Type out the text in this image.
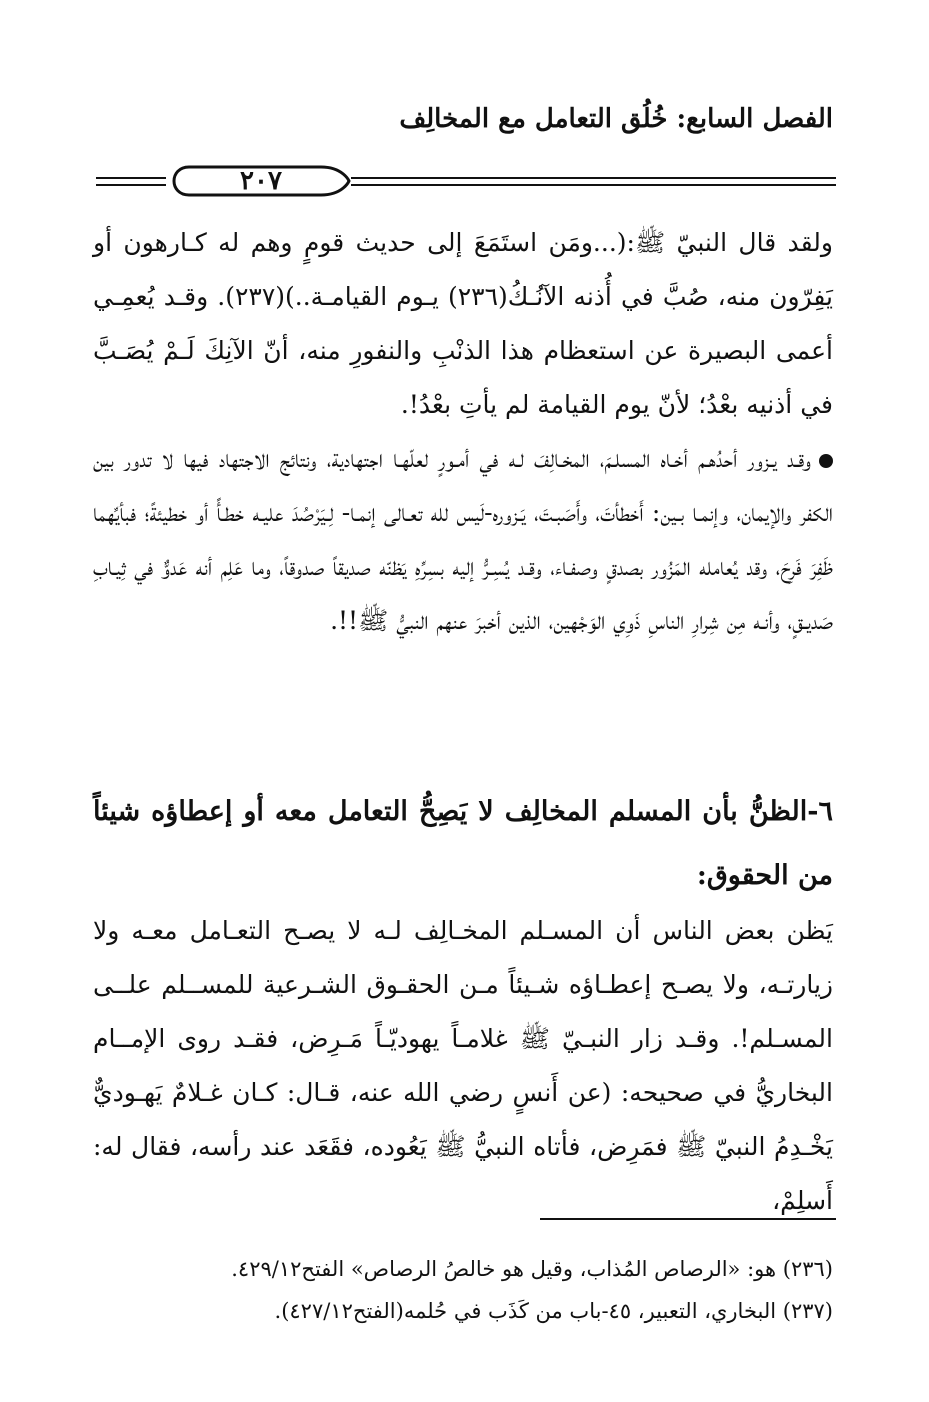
الفصل السابع: خُلُق التعامل مع المخالِف
٢٠٧

ولقد قال النبيّ ﷺ:(...ومَن استَمَعَ إلى حديث قومٍ وهم له كـارهون أو يَفِرّون منه، صُبَّ في أُذنه الآنُـكُ(٢٣٦) يـوم القيامـة..)(٢٣٧). وقـد يُعمِـي أعمى البصيرة عن استعظام هذا الذنْبِ والنفورِ منه، أنّ الآنِكَ لَـمْ يُصَـبَّ في أذنيه بعْدُ؛ لأنّ يوم القيامة لم يأتِ بعْدُ!.

وقـد يـزور أحدُهـم أخـاه المسلـمَ، المخـالِفَ لـه في أمـورٍ لعلّهـا اجتهادية، ونتائج الاجتهاد فيها لا تدور بين الكفر والإيمان، وإنمـا بـين: أَخطأتَ، وأَصَبـتَ، يَـزوره-لَيس لله تعـالى إنمـا- لِـيَرْصُدَ عليـه خطـأً أو خطيئةً؛ فبأيِّهما ظَفِرَ فَرِحَ، وقد يُعامله المَزُور بصدقٍ وصفـاء، وقـد يُسِـرُّ إليه بسِرِّهِ يَظنّه صديقاً صدوقاً، وما عَلِم أنه عَدوٌّ في ثِيـابِ صَديـقٍ، وأنـه مِن شِرارِ الناسِ ذَوِي الوَجْهين، الذين أخبرَ عنهم النبيُّ ﷺ!!.

٦-الظنُّ بأن المسلم المخالِف لا يَصِحُّ التعامل معه أو إعطاؤه شيئاً من الحقوق:

يَظن بعض الناس أن المسـلم المخـالِف لـه لا يصـح التعـامل معـه ولا زيارتـه، ولا يصـح إعطـاؤه شـيئاً مـن الحقـوق الشـرعية للمســلم علــى المسـلم!. وقـد زار النبـيّ ﷺ غلامـاً يهوديّـاً مَـرِض، فقـد روى الإمــام البخاريُّ في صحيحه: (عن أَنسٍ رضي الله عنه، قـال: كـان غـلامٌ يَهـوديٌّ يَخْـدِمُ النبيّ ﷺ فمَرِض، فأتاه النبيُّ ﷺ يَعُوده، فقَعَد عند رأسه، فقال له: أَسلِمْ،

(٢٣٦) هو: «الرصاص المُذاب، وقيل هو خالصُ الرصاص» الفتح٤٢٩/١٢.

(٢٣٧) البخاري، التعبير، ٤٥-باب من كَذَب في حُلمه(الفتح٤٢٧/١٢).
